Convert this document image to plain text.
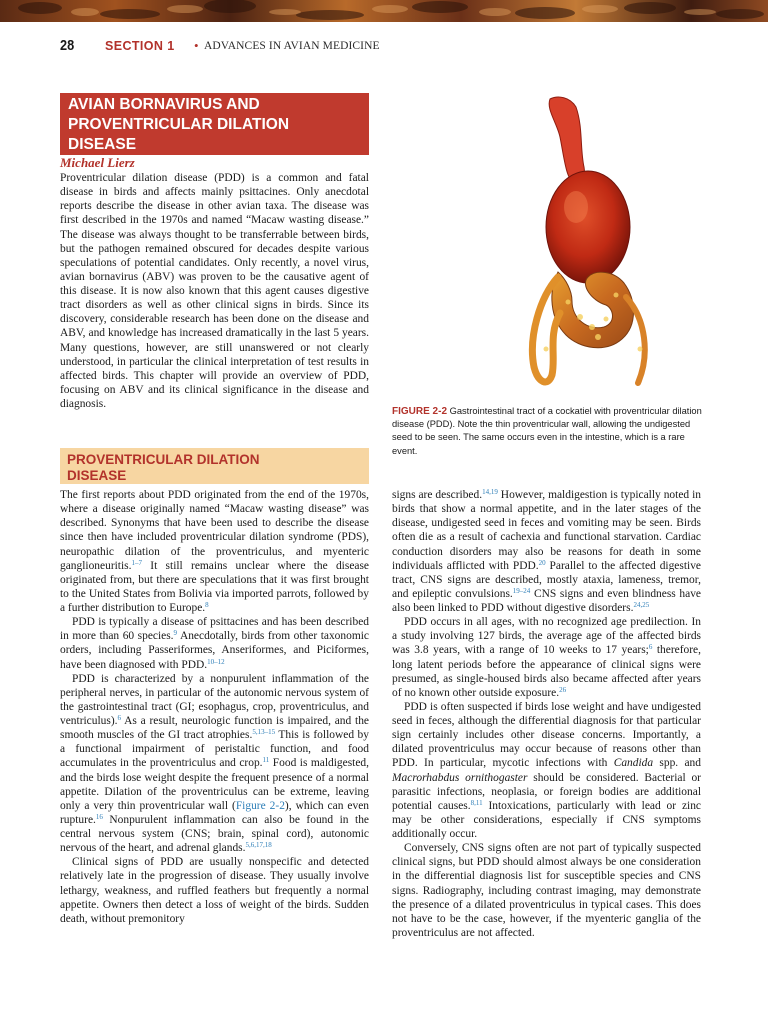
28 SECTION 1 • ADVANCES IN AVIAN MEDICINE
AVIAN BORNAVIRUS AND
PROVENTRICULAR DILATION
DISEASE
Michael Lierz

Proventricular dilation disease (PDD) is a common and fatal disease in birds and affects mainly psittacines. Only anecdotal reports describe the disease in other avian taxa. The disease was first described in the 1970s and named “Macaw wasting disease.” The disease was always thought to be transferrable between birds, but the pathogen remained obscured for decades despite various speculations of potential candidates. Only recently, a novel virus, avian bornavirus (ABV) was proven to be the causative agent of this disease. It is now also known that this agent causes digestive tract disorders as well as other clinical signs in birds. Since its discovery, considerable research has been done on the disease and ABV, and knowledge has increased dramatically in the last 5 years. Many questions, however, are still unanswered or not clearly understood, in particular the clinical interpretation of test results in affected birds. This chapter will provide an overview of PDD, focusing on ABV and its clinical significance in the disease and diagnosis.

PROVENTRICULAR DILATION
DISEASE

The first reports about PDD originated from the end of the 1970s, where a disease originally named “Macaw wasting disease” was described. Synonyms that have been used to describe the disease since then have included proventricular dilation syndrome (PDS), neuropathic dilation of the proventriculus, and myenteric ganglioneuritis.$^{1-7}$ It still remains unclear where the disease originated from, but there are speculations that it was first brought to the United States from Bolivia via imported parrots, followed by a further distribution to Europe.$^8$

PDD is typically a disease of psittacines and has been described in more than 60 species.$^9$ Anecdotally, birds from other taxonomic orders, including Passeriformes, Anseriformes, and Piciformes, have been diagnosed with PDD.$^{10-12}$

PDD is characterized by a nonpurulent inflammation of the peripheral nerves, in particular of the autonomic nervous system of the gastrointestinal tract (GI; esophagus, crop, proventriculus, and ventriculus).$^6$ As a result, neurologic function is impaired, and the smooth muscles of the GI tract atrophies.$^{5,13-15}$ This is followed by a functional impairment of peristaltic function, and food accumulates in the proventriculus and crop.$^{11}$ Food is maldigested, and the birds lose weight despite the frequent presence of a normal appetite. Dilation of the proventriculus can be extreme, leaving only a very thin proventricular wall (Figure 2-2), which can even rupture.$^{16}$ Nonpurulent inflammation can also be found in the central nervous system (CNS; brain, spinal cord), autonomic nervous of the heart, and adrenal glands.$^{5,6,17,18}$

Clinical signs of PDD are usually nonspecific and detected relatively late in the progression of disease. They usually involve lethargy, weakness, and ruffled feathers but frequently a normal appetite. Owners then detect a loss of weight of the birds. Sudden death, without premonitory

FIGURE 2-2 Gastrointestinal tract of a cockatiel with proventricular dilation disease (PDD). Note the thin proventricular wall, allowing the undigested seed to be seen. The same occurs even in the intestine, which is a rare event.

signs are described.$^{14,19}$ However, maldigestion is typically noted in birds that show a normal appetite, and in the later stages of the disease, undigested seed in feces and vomiting may be seen. Birds often die as a result of cachexia and functional starvation. Cardiac conduction disorders may also be reasons for death in some individuals afflicted with PDD.$^{20}$ Parallel to the affected digestive tract, CNS signs are described, mostly ataxia, lameness, tremor, and epileptic convulsions.$^{19-24}$ CNS signs and even blindness have also been linked to PDD without digestive disorders.$^{24,25}$

PDD occurs in all ages, with no recognized age predilection. In a study involving 127 birds, the average age of the affected birds was 3.8 years, with a range of 10 weeks to 17 years;$^6$ therefore, long latent periods before the appearance of clinical signs were presumed, as single-housed birds also became affected after years of no known other outside exposure.$^{26}$

PDD is often suspected if birds lose weight and have undigested seed in feces, although the differential diagnosis for that particular sign certainly includes other disease concerns. Importantly, a dilated proventriculus may occur because of reasons other than PDD. In particular, mycotic infections with Candida spp. and Macrorhabdus ornithogaster should be considered. Bacterial or parasitic infections, neoplasia, or foreign bodies are additional potential causes.$^{8,11}$ Intoxications, particularly with lead or zinc may be other considerations, especially if CNS symptoms additionally occur.

Conversely, CNS signs often are not part of typically suspected clinical signs, but PDD should almost always be one consideration in the differential diagnosis list for susceptible species and CNS signs. Radiography, including contrast imaging, may demonstrate the presence of a dilated proventriculus in typical cases. This does not have to be the case, however, if the myenteric ganglia of the proventriculus are not affected.
